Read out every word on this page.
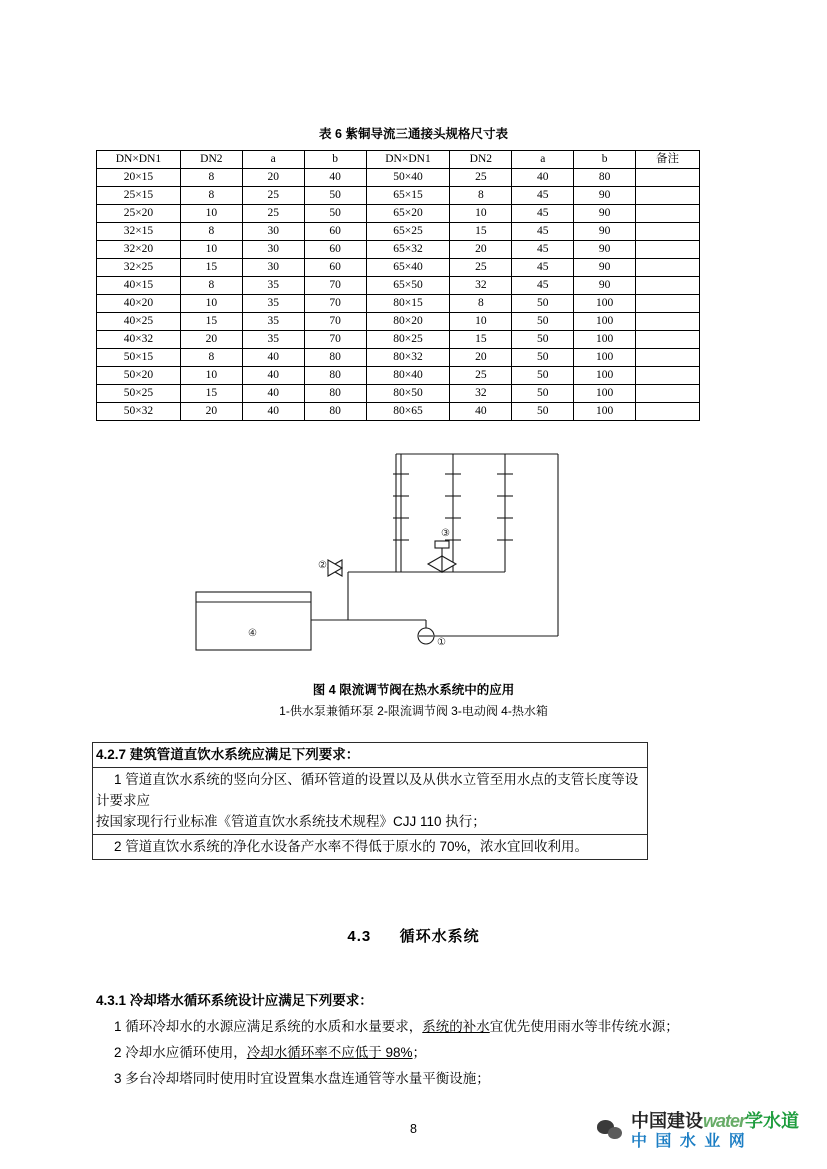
表 6 紫铜导流三通接头规格尺寸表
DN×DN1	DN2	a	b	DN×DN1	DN2	a	b	备注
20×15	8	20	40	50×40	25	40	80	
25×15	8	25	50	65×15	8	45	90	
25×20	10	25	50	65×20	10	45	90	
32×15	8	30	60	65×25	15	45	90	
32×20	10	30	60	65×32	20	45	90	
32×25	15	30	60	65×40	25	45	90	
40×15	8	35	70	65×50	32	45	90	
40×20	10	35	70	80×15	8	50	100	
40×25	15	35	70	80×20	10	50	100	
40×32	20	35	70	80×25	15	50	100	
50×15	8	40	80	80×32	20	50	100	
50×20	10	40	80	80×40	25	50	100	
50×25	15	40	80	80×50	32	50	100	
50×32	20	40	80	80×65	40	50	100	
②
①
③
④
图 4 限流调节阀在热水系统中的应用
1-供水泵兼循环泵 2-限流调节阀 3-电动阀 4-热水箱
4.2.7 建筑管道直饮水系统应满足下列要求：
1 管道直饮水系统的竖向分区、循环管道的设置以及从供水立管至用水点的支管长度等设计要求应
按国家现行行业标准《管道直饮水系统技术规程》CJJ 110 执行；
2 管道直饮水系统的净化水设备产水率不得低于原水的 70%，浓水宜回收利用。
4.3 循环水系统

4.3.1 冷却塔水循环系统设计应满足下列要求：

1 循环冷却水的水源应满足系统的水质和水量要求，系统的补水宜优先使用雨水等非传统水源；

2 冷却水应循环使用，冷却水循环率不应低于 98%；

3 多台冷却塔同时使用时宜设置集水盘连通管等水量平衡设施；

8	中国建设water学水道
中 国 水 业 网
